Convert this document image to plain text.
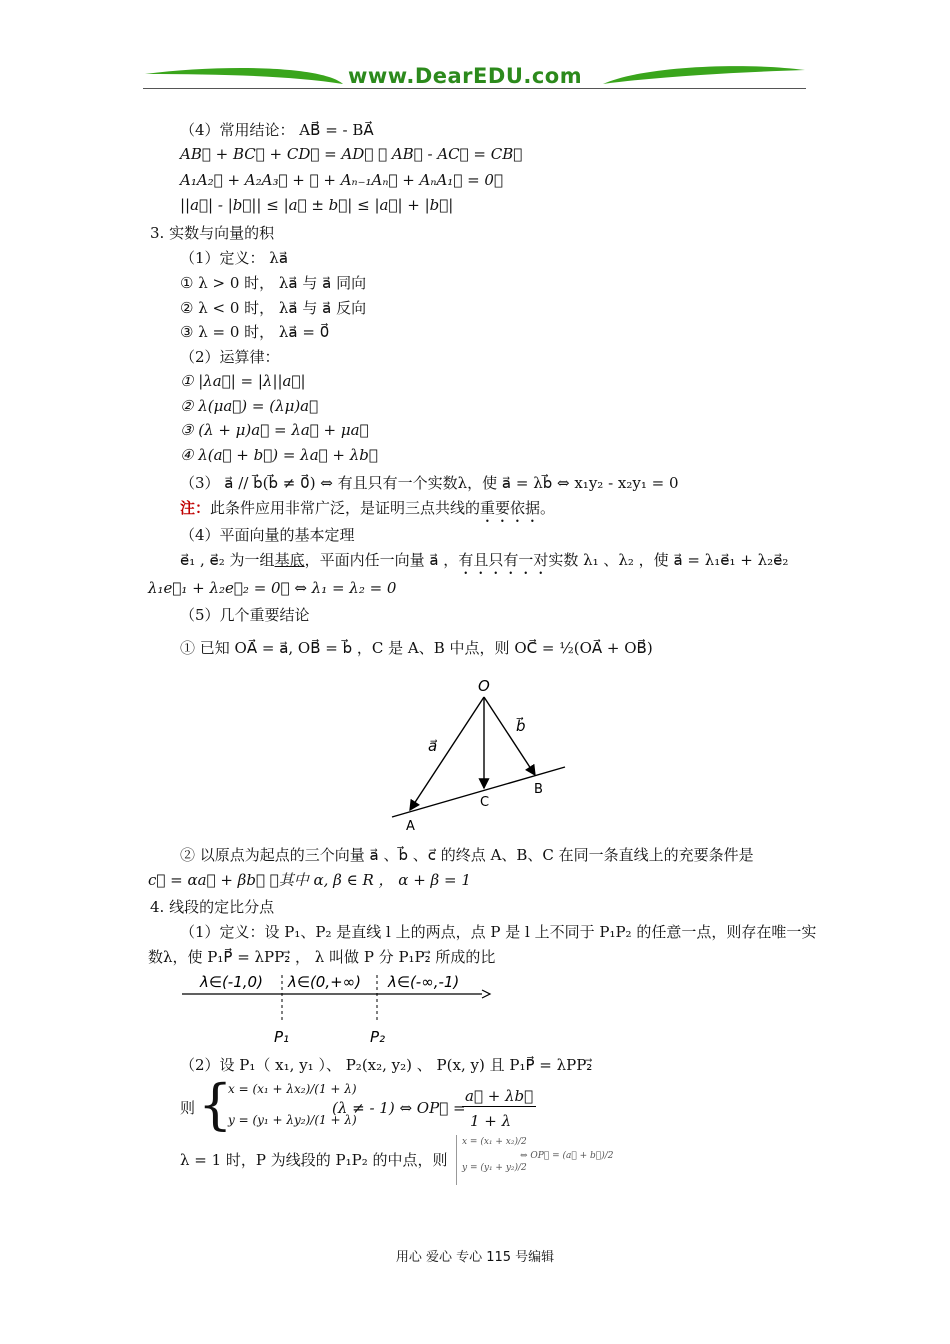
www.DearEDU.com
（4）常用结论： AB⃗ = - BA⃗
AB⃗ + BC⃗ + CD⃗ = AD⃗ ； AB⃗ - AC⃗ = CB⃗
A₁A₂⃗ + A₂A₃⃗ + ⋯ + Aₙ₋₁Aₙ⃗ + AₙA₁⃗ = 0⃗
||a⃗| - |b⃗|| ≤ |a⃗ ± b⃗| ≤ |a⃗| + |b⃗|
3. 实数与向量的积
（1）定义： λa⃗
① λ > 0 时， λa⃗ 与 a⃗ 同向
② λ < 0 时， λa⃗ 与 a⃗ 反向
③ λ = 0 时， λa⃗ = 0⃗
（2）运算律：
① |λa⃗| = |λ||a⃗|
② λ(μa⃗) = (λμ)a⃗
③ (λ + μ)a⃗ = λa⃗ + μa⃗
④ λ(a⃗ + b⃗) = λa⃗ + λb⃗
（3） a⃗ // b⃗(b⃗ ≠ 0⃗) ⇔ 有且只有一个实数λ，使 a⃗ = λb⃗ ⇔ x₁y₂ - x₂y₁ = 0
注：此条件应用非常广泛，是证明三点共线的重要依据。
（4）平面向量的基本定理
e⃗₁ , e⃗₂ 为一组基底，平面内任一向量 a⃗ ，有且只有一对实数 λ₁ 、λ₂ ，使 a⃗ = λ₁e⃗₁ + λ₂e⃗₂
λ₁e⃗₁ + λ₂e⃗₂ = 0⃗ ⇔ λ₁ = λ₂ = 0
（5）几个重要结论
① 已知 OA⃗ = a⃗, OB⃗ = b⃗ ，C 是 A、B 中点，则 OC⃗ = ½(OA⃗ + OB⃗)
O
A
C
B
a⃗
b⃗
② 以原点为起点的三个向量 a⃗ 、b⃗ 、c⃗ 的终点 A、B、C 在同一条直线上的充要条件是
c⃗ = αa⃗ + βb⃗ ，其中 α, β ∈ R ， α + β = 1
4. 线段的定比分点
（1）定义：设 P₁、P₂ 是直线 l 上的两点，点 P 是 l 上不同于 P₁P₂ 的任意一点，则存在唯一实
数λ，使 P₁P⃗ = λPP₂⃗ ， λ 叫做 P 分 P₁P₂⃗ 所成的比
λ∈(-1,0) λ∈(0,+∞) λ∈(-∞,-1)
P₁	P₂
（2）设 P₁（ x₁, y₁ ）、 P₂(x₂, y₂) 、 P(x, y) 且 P₁P⃗ = λPP₂⃗
则 {
x = (x₁ + λx₂)/(1 + λ)
y = (y₁ + λy₂)/(1 + λ)
(λ ≠ - 1) ⇔ OP⃗ =
a⃗ + λb⃗
1 + λ
λ = 1 时，P 为线段的 P₁P₂ 的中点，则
x = (x₁ + x₂)/2
y = (y₁ + y₂)/2
⇔ OP⃗ = (a⃗ + b⃗)/2
用心 爱心 专心 115 号编辑
